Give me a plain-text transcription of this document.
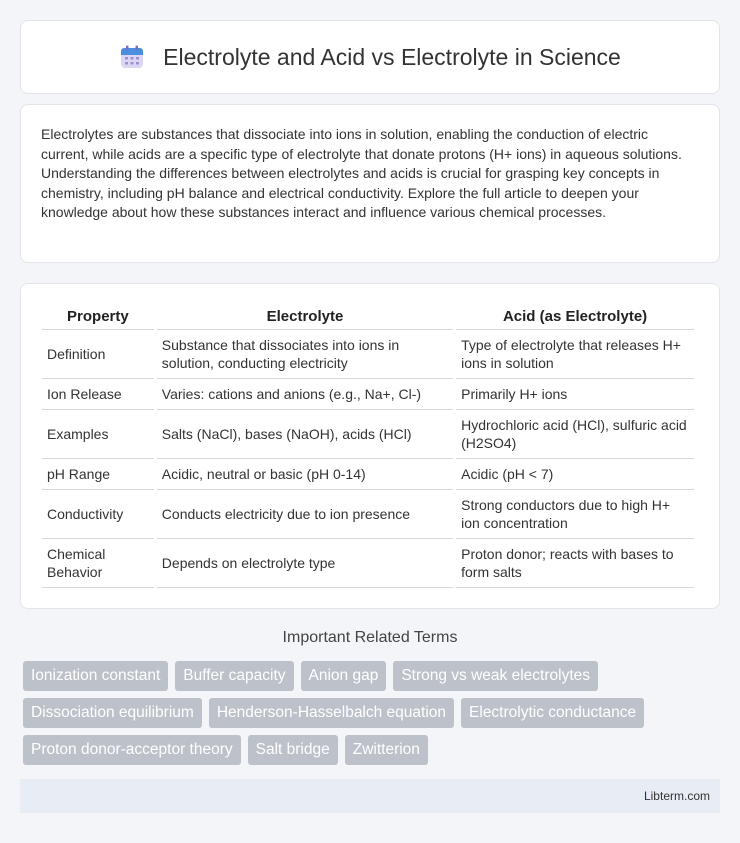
Electrolyte and Acid vs Electrolyte in Science

Electrolytes are substances that dissociate into ions in solution, enabling the conduction of electric current, while acids are a specific type of electrolyte that donate protons (H+ ions) in aqueous solutions. Understanding the differences between electrolytes and acids is crucial for grasping key concepts in chemistry, including pH balance and electrical conductivity. Explore the full article to deepen your knowledge about how these substances interact and influence various chemical processes.

Property	Electrolyte	Acid (as Electrolyte)
Definition	Substance that dissociates into ions in solution, conducting electricity	Type of electrolyte that releases H+ ions in solution
Ion Release	Varies: cations and anions (e.g., Na+, Cl-)	Primarily H+ ions
Examples	Salts (NaCl), bases (NaOH), acids (HCl)	Hydrochloric acid (HCl), sulfuric acid (H2SO4)
pH Range	Acidic, neutral or basic (pH 0-14)	Acidic (pH < 7)
Conductivity	Conducts electricity due to ion presence	Strong conductors due to high H+ ion concentration
Chemical Behavior	Depends on electrolyte type	Proton donor; reacts with bases to form salts
Important Related Terms
Ionization constant	Buffer capacity	Anion gap	Strong vs weak electrolytes
Dissociation equilibrium	Henderson-Hasselbalch equation	Electrolytic conductance
Proton donor-acceptor theory	Salt bridge	Zwitterion
Libterm.com
